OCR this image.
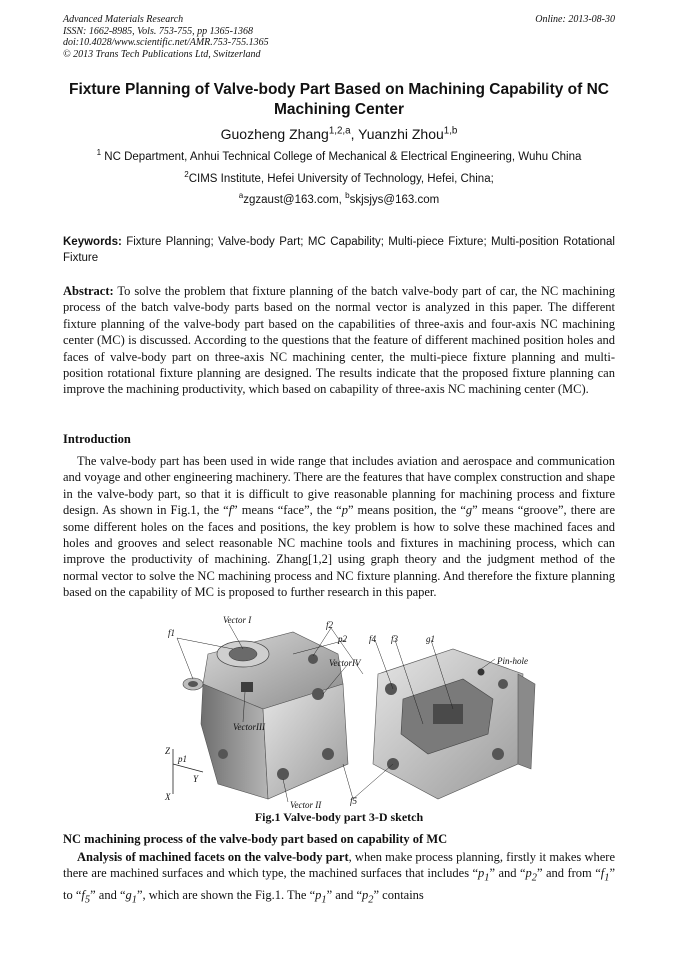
Advanced Materials Research
ISSN: 1662-8985, Vols. 753-755, pp 1365-1368
doi:10.4028/www.scientific.net/AMR.753-755.1365
© 2013 Trans Tech Publications Ltd, Switzerland
Online: 2013-08-30
Fixture Planning of Valve-body Part Based on Machining Capability of NC Machining Center
Guozheng Zhang$^{1,2,a}$, Yuanzhi Zhou$^{1,b}$
$^1$ NC Department, Anhui Technical College of Mechanical & Electrical Engineering, Wuhu China
$^2$CIMS Institute, Hefei University of Technology, Hefei, China;
$^a$zgzaust@163.com, $^b$skjsjys@163.com
Keywords: Fixture Planning; Valve-body Part; MC Capability; Multi-piece Fixture; Multi-position Rotational Fixture
Abstract: To solve the problem that fixture planning of the batch valve-body part of car, the NC machining process of the batch valve-body parts based on the normal vector is analyzed in this paper. The different fixture planning of the valve-body part based on the capabilities of three-axis and four-axis NC machining center (MC) is discussed. According to the questions that the feature of different machined position holes and faces of valve-body part on three-axis NC machining center, the multi-piece fixture planning and multi-position rotational fixture planning are designed. The results indicate that the proposed fixture planning can improve the machining productivity, which based on cabapility of three-axis NC machining center (MC).
Introduction
The valve-body part has been used in wide range that includes aviation and aerospace and communication and voyage and other engineering machinery. There are the features that have complex construction and shape in the valve-body part, so that it is difficult to give reasonable planning for machining process and fixture design. As shown in Fig.1, the “f” means “face”, the “p” means position, the “g” means “groove”, there are some different holes on the faces and positions, the key problem is how to solve these machined faces and holes and grooves and select reasonable NC machine tools and fixtures in machining process, which can improve the productivity of machining. Zhang[1,2] using graph theory and the judgment method of the normal vector to solve the NC machining process and NC fixture planning. And therefore the fixture planning based on the capability of MC is proposed to further research in this paper.
f1
Vector I	f2
p2 f4 f3	g1
VectorIV	Pin-hole
VectorIII
Z
p1
Y
X	f5
Vector II
Fig.1 Valve-body part 3-D sketch
NC machining process of the valve-body part based on capability of MC
Analysis of machined facets on the valve-body part, when make process planning, firstly it makes where there are machined surfaces and which type, the machined surfaces that includes “$p_1$” and “$p_2$” and from “$f_1$” to “$f_5$” and “$g_1$”, which are shown the Fig.1. The “$p_1$” and “$p_2$” contains
